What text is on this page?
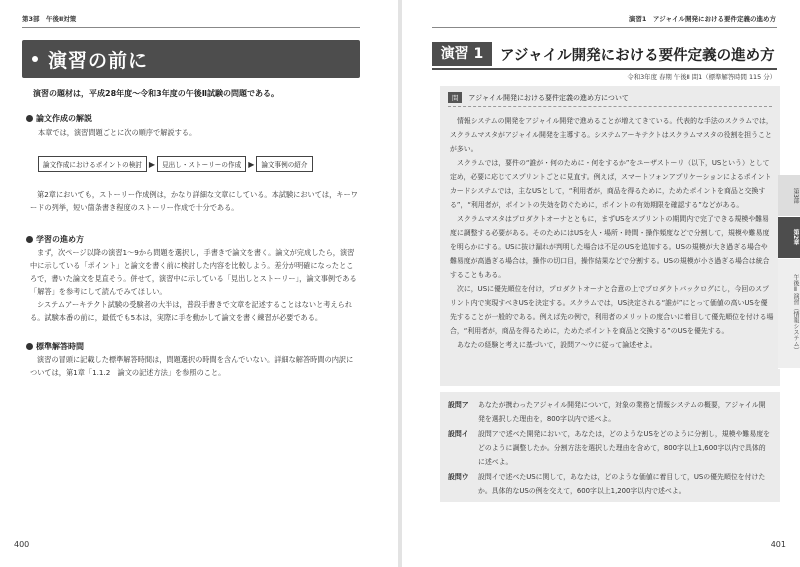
第3部　午後Ⅱ対策
演習の前に
演習の題材は，平成28年度〜令和3年度の午後Ⅱ試験の問題である。
論文作成の解説
本章では，演習問題ごとに次の順序で解説する。
論文作成におけるポイントの検討 ▶	見出し・ストーリーの作成 ▶	論文事例の紹介
第2章においても，ストーリー作成例は，かなり詳細な文章にしている。本試験においては，キーワードの列挙，短い箇条書き程度のストーリー作成で十分である。
学習の進め方
まず，次ページ以降の演習1〜9から問題を選択し，手書きで論文を書く。論文が完成したら，演習中に示している「ポイント」と論文を書く前に検討した内容を比較しよう。差分が明確になったところで，書いた論文を見直そう。併せて，演習中に示している「見出しとストーリー」，論文事例である「解答」を参考にして読んでみてほしい。
システムアーキテクト試験の受験者の大半は，普段手書きで文章を記述することはないと考えられる。試験本番の前に，最低でも5本は，実際に手を動かして論文を書く練習が必要である。
標準解答時間
演習の冒頭に記載した標準解答時間は，問題選択の時間を含んでいない。詳細な解答時間の内訳については，第1章「1.1.2　論文の記述方法」を参照のこと。
400
演習1　アジャイル開発における要件定義の進め方
演習 1	アジャイル開発における要件定義の進め方
令和3年度 春期 午後Ⅱ 問1（標準解答時間 115 分）
問 アジャイル開発における要件定義の進め方について

情報システムの開発をアジャイル開発で進めることが増えてきている。代表的な手法のスクラムでは，スクラムマスタがアジャイル開発を主導する。システムアーキテクトはスクラムマスタの役割を担うことが多い。

スクラムでは，要件の“誰が・何のために・何をするか”をユーザストーリ（以下，USという）として定め，必要に応じてスプリントごとに見直す。例えば，スマートフォンアプリケーションによるポイントカードシステムでは，主なUSとして，“利用者が，商品を得るために，ためたポイントを商品と交換する”，“利用者が，ポイントの失効を防ぐために，ポイントの有効期限を確認する”などがある。

スクラムマスタはプロダクトオーナとともに，まずUSをスプリントの期間内で完了できる規模や難易度に調整する必要がある。そのためにはUSを人・場所・時間・操作頻度などで分割して，規模や難易度を明らかにする。USに抜け漏れが判明した場合は不足のUSを追加する。USの規模が大き過ぎる場合や難易度が高過ぎる場合は，操作の切口目，操作結果などで分割する。USの規模が小さ過ぎる場合は統合することもある。

次に，USに優先順位を付け，プロダクトオーナと合意の上でプロダクトバックログにし，今回のスプリント内で実現すべきUSを決定する。スクラムでは，US決定される“誰が”にとって価値の高いUSを優先することが一般的である。例えば先の例で，利用者のメリットの度合いに着目して優先順位を付ける場合，“利用者が，商品を得るために，ためたポイントを商品と交換する”のUSを優先する。

あなたの経験と考えに基づいて，設問ア〜ウに従って論述せよ。

設問ア	あなたが携わったアジャイル開発について，対象の業務と情報システムの概要，アジャイル開発を選択した理由を，800字以内で述べよ。
設問イ	設問アで述べた開発において，あなたは，どのようなUSをどのように分割し，規模や難易度をどのように調整したか。分割方法を選択した理由を含めて，800字以上1,600字以内で具体的に述べよ。
設問ウ	設問イで述べたUSに関して，あなたは，どのような価値に着目して，USの優先順位を付けたか。具体的なUSの例を交えて，600字以上1,200字以内で述べよ。
第3部
第2章
午後Ⅱ演習（情報システム）
401
